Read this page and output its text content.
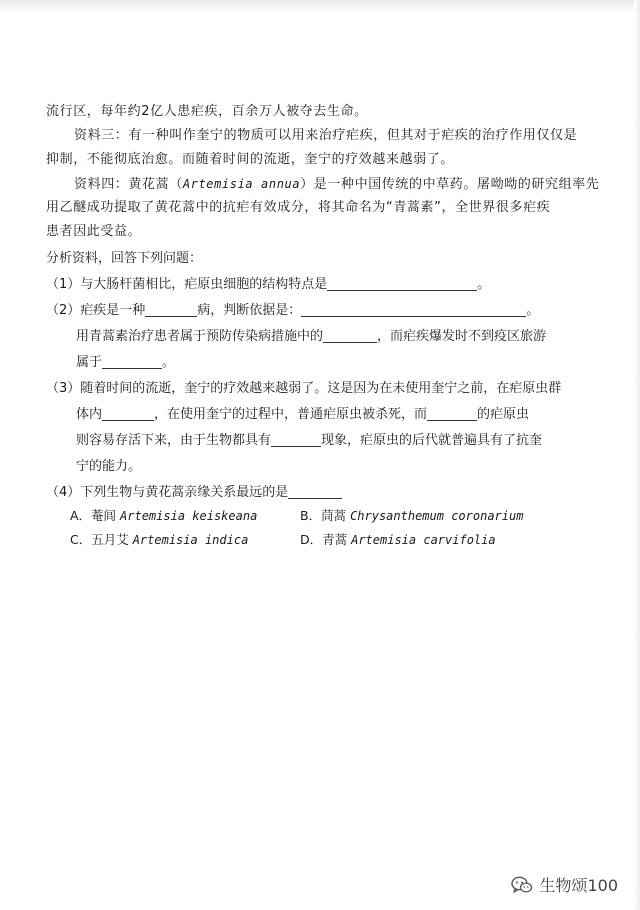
流行区，每年约2亿人患疟疾，百余万人被夺去生命。
资料三：有一种叫作奎宁的物质可以用来治疗疟疾，但其对于疟疾的治疗作用仅仅是
抑制，不能彻底治愈。而随着时间的流逝，奎宁的疗效越来越弱了。
资料四：黄花蒿（Artemisia annua）是一种中国传统的中草药。屠呦呦的研究组率先
用乙醚成功提取了黄花蒿中的抗疟有效成分，将其命名为“青蒿素”，全世界很多疟疾
患者因此受益。
分析资料，回答下列问题：
（1）与大肠杆菌相比，疟原虫细胞的结构特点是	。
（2）疟疾是一种	病，判断依据是：	。
用青蒿素治疗患者属于预防传染病措施中的	，而疟疾爆发时不到疫区旅游
属于	。
（3）随着时间的流逝，奎宁的疗效越来越弱了。这是因为在未使用奎宁之前，在疟原虫群
体内	，在使用奎宁的过程中，普通疟原虫被杀死，而	的疟原虫
则容易存活下来，由于生物都具有	现象，疟原虫的后代就普遍具有了抗奎
宁的能力。
（4）下列生物与黄花蒿亲缘关系最远的是
A．菴闾 Artemisia keiskeana	B．茼蒿 Chrysanthemum coronarium
C．五月艾 Artemisia indica	D．青蒿 Artemisia carvifolia
生物颂100
